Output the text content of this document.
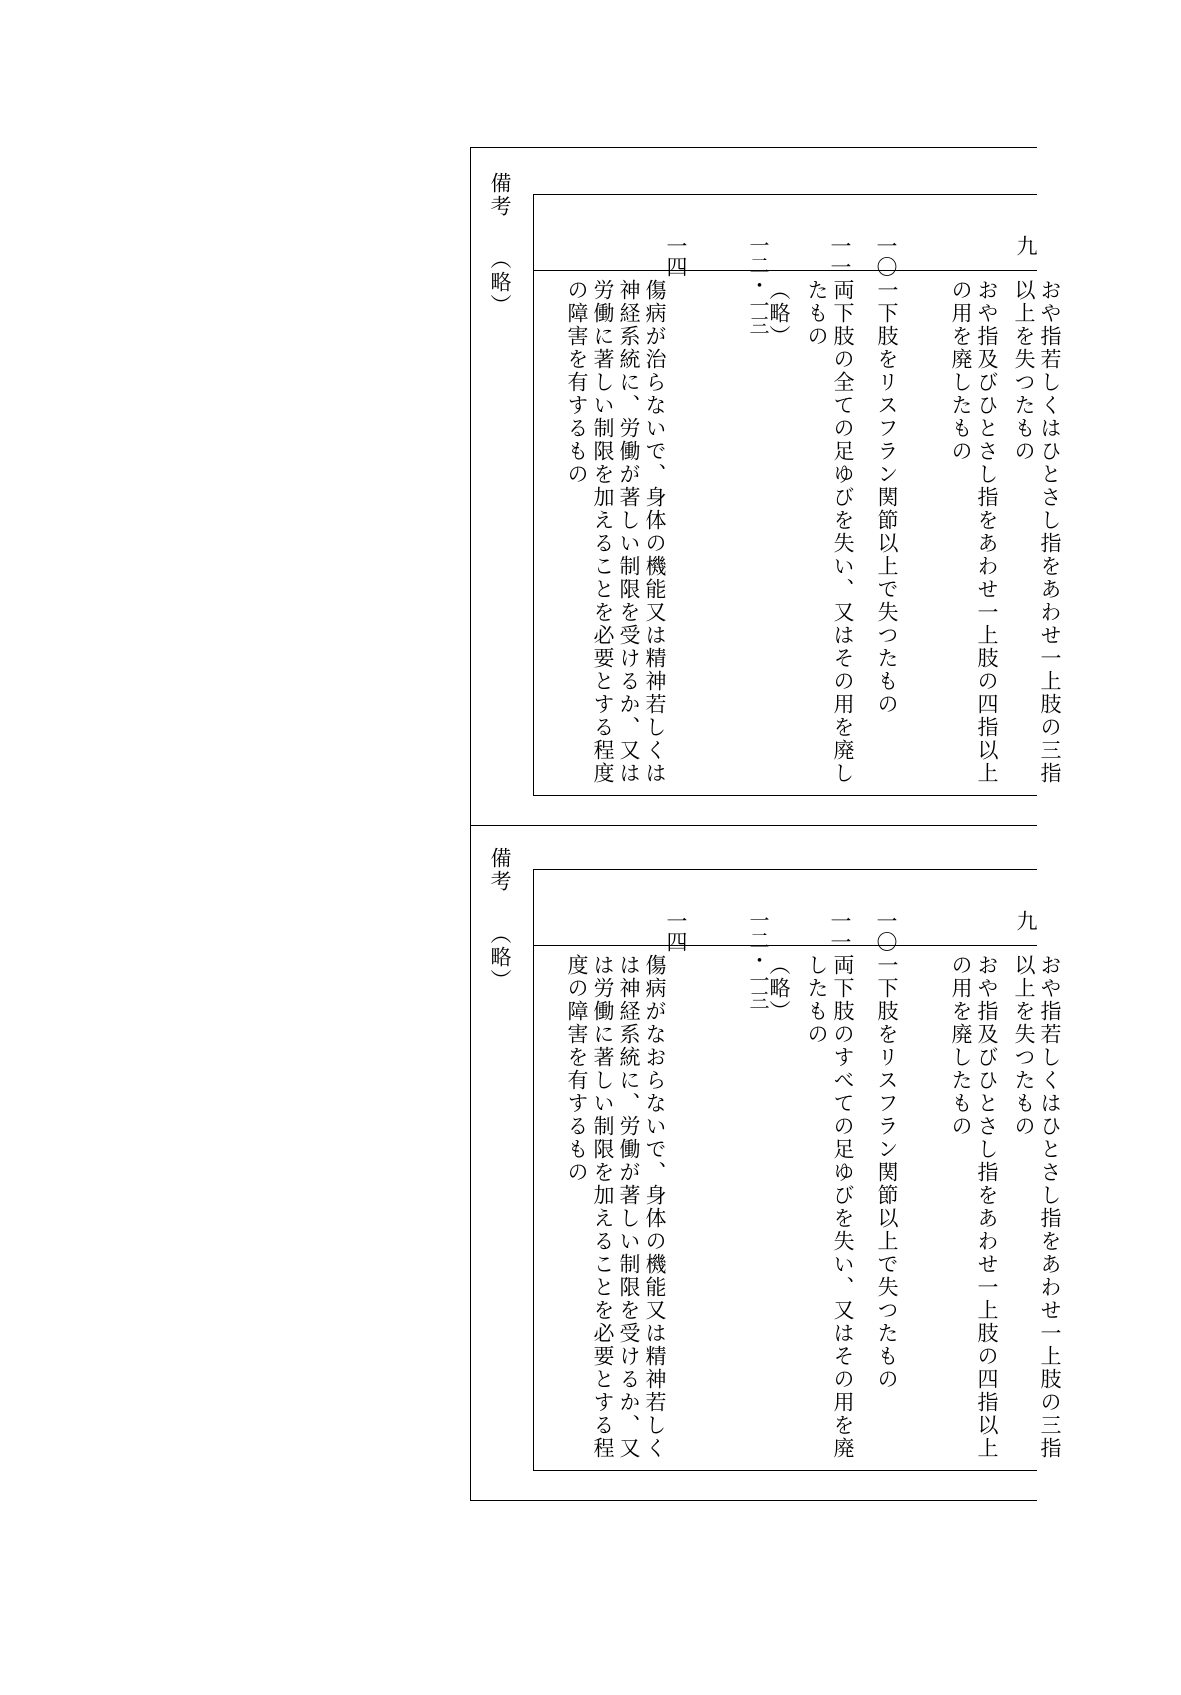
備考（略）
九
おや指若しくはひとさし指をあわせ一上肢の三指以上を失つたもの
おや指及びひとさし指をあわせ一上肢の四指以上の用を廃したもの
一〇
一下肢をリスフラン関節以上で失つたもの
一一
両下肢の全ての足ゆびを失い、又はその用を廃したもの
一二・一三
（略）
一四
傷病が治らないで、身体の機能又は精神若しくは神経系統に、労働が著しい制限を受けるか、又は労働に著しい制限を加えることを必要とする程度の障害を有するもの
備考（略）
九
おや指若しくはひとさし指をあわせ一上肢の三指以上を失つたもの
おや指及びひとさし指をあわせ一上肢の四指以上の用を廃したもの
一〇
一下肢をリスフラン関節以上で失つたもの
一一
両下肢のすべての足ゆびを失い、又はその用を廃したもの
一二・一三
（略）
一四
傷病がなおらないで、身体の機能又は精神若しくは神経系統に、労働が著しい制限を受けるか、又は労働に著しい制限を加えることを必要とする程度の障害を有するもの
